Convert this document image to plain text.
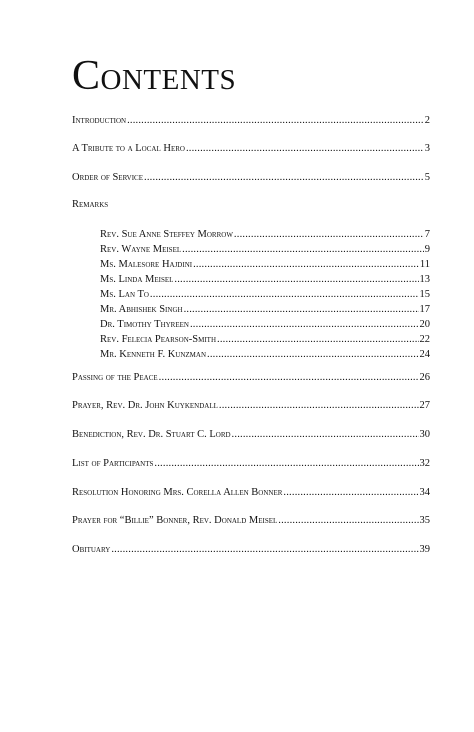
Contents
Introduction .....	2
A Tribute to a Local Hero .....	3
Order of Service .....	5
Remarks
Rev. Sue Anne Steffey Morrow .....	7
Rev. Wayne Meisel .....	9
Ms. Malesore Hajdini .....	11
Ms. Linda Meisel .....	13
Ms. Lan To .....	15
Mr. Abhishek Singh .....	17
Dr. Timothy Thyreen .....	20
Rev. Felecia Pearson-Smith .....	22
Mr. Kenneth F. Kunzman .....	24
Passing of the Peace .....	26
Prayer, Rev. Dr. John Kuykendall .....	27
Benediction, Rev. Dr. Stuart C. Lord .....	30
List of Participants .....	32
Resolution Honoring Mrs. Corella Allen Bonner .....	34
Prayer for “Billie” Bonner, Rev. Donald Meisel .....	35
Obituary .....	39
